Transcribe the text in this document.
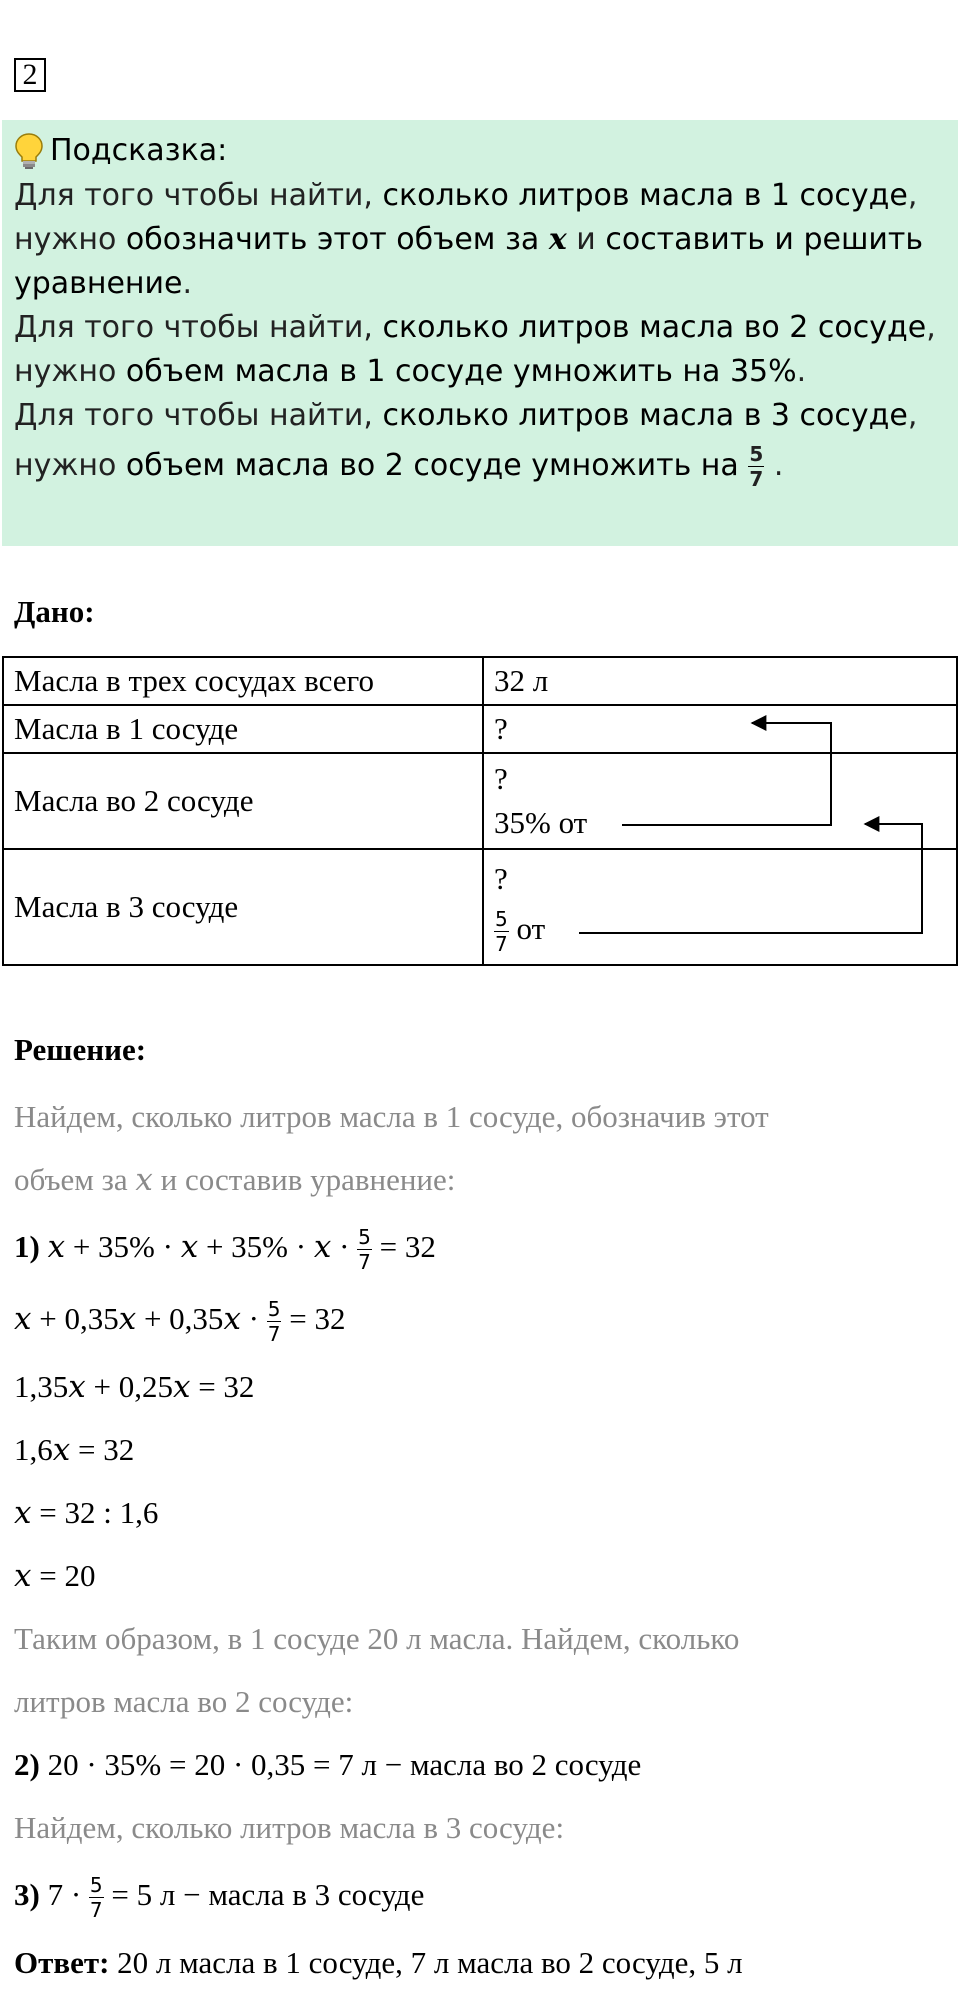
2
Подсказка:
Для того чтобы найти, сколько литров масла в 1 сосуде,
нужно обозначить этот объем за x и составить и решить
уравнение.
Для того чтобы найти, сколько литров масла во 2 сосуде,
нужно объем масла в 1 сосуде умножить на 35%.
Для того чтобы найти, сколько литров масла в 3 сосуде,
нужно объем масла во 2 сосуде умножить на $\frac{5}{7}$ .
Дано:
Масла в трех сосудах всего	32 л
Масла в 1 сосуде	?
Масла во 2 сосуде	?
35% от

Масла в 3 сосуде	?
$\frac{5}{7}$ от
Решение:
Найдем, сколько литров масла в 1 сосуде, обозначив этот
объем за x и составив уравнение:
1) $x + 35\% \cdot x + 35\% \cdot x \cdot \frac{5}{7} = 32$
$x + 0,35x + 0,35x \cdot \frac{5}{7} = 32$
1,35x + 0,25x = 32
1,6x = 32
x = 32 : 1,6
x = 20
Таким образом, в 1 сосуде 20 л масла. Найдем, сколько
литров масла во 2 сосуде:
2) 20 · 35% = 20 · 0,35 = 7 л − масла во 2 сосуде
Найдем, сколько литров масла в 3 сосуде:
3) $7 \cdot \frac{5}{7} = 5$ л − масла в 3 сосуде
Ответ: 20 л масла в 1 сосуде, 7 л масла во 2 сосуде, 5 л
